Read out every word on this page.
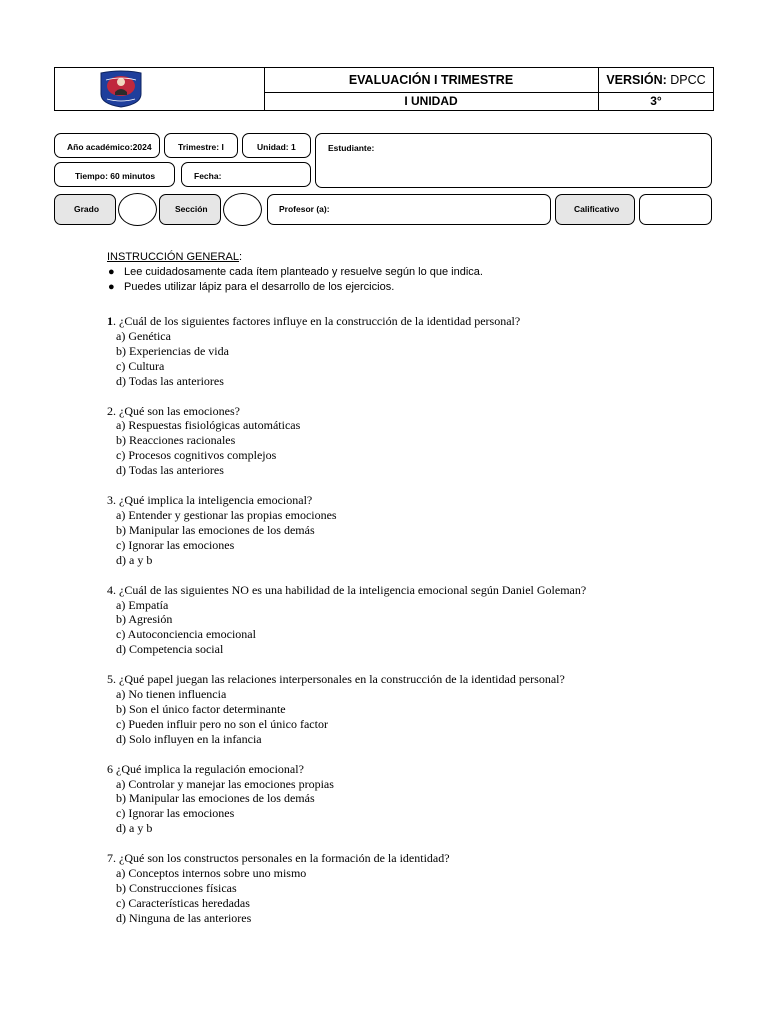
EVALUACIÓN I TRIMESTRE
I UNIDAD
VERSIÓN: DPCC
3°
Año académico:2024	Trimestre: I	Unidad: 1	Estudiante:
Tiempo: 60 minutos	Fecha:
Grado	Sección	Profesor (a):	Calificativo
INSTRUCCIÓN GENERAL:
● Lee cuidadosamente cada ítem planteado y resuelve según lo que indica.
● Puedes utilizar lápiz para el desarrollo de los ejercicios.
1. ¿Cuál de los siguientes factores influye en la construcción de la identidad personal?
a) Genética
b) Experiencias de vida
c) Cultura
d) Todas las anteriores
2. ¿Qué son las emociones?
a) Respuestas fisiológicas automáticas
b) Reacciones racionales
c) Procesos cognitivos complejos
d) Todas las anteriores
3. ¿Qué implica la inteligencia emocional?
a) Entender y gestionar las propias emociones
b) Manipular las emociones de los demás
c) Ignorar las emociones
d) a y b
4. ¿Cuál de las siguientes NO es una habilidad de la inteligencia emocional según Daniel Goleman?
a) Empatía
b) Agresión
c) Autoconciencia emocional
d) Competencia social
5. ¿Qué papel juegan las relaciones interpersonales en la construcción de la identidad personal?
a) No tienen influencia
b) Son el único factor determinante
c) Pueden influir pero no son el único factor
d) Solo influyen en la infancia
6 ¿Qué implica la regulación emocional?
a) Controlar y manejar las emociones propias
b) Manipular las emociones de los demás
c) Ignorar las emociones
d) a y b
7. ¿Qué son los constructos personales en la formación de la identidad?
a) Conceptos internos sobre uno mismo
b) Construcciones físicas
c) Características heredadas
d) Ninguna de las anteriores
